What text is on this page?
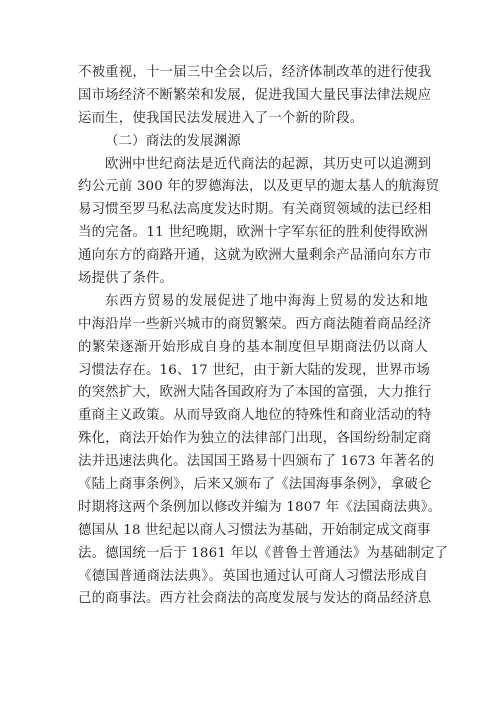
不被重视，十一届三中全会以后，经济体制改革的进行使我
国市场经济不断繁荣和发展，促进我国大量民事法律法规应
运而生，使我国民法发展进入了一个新的阶段。
（二）商法的发展渊源
欧洲中世纪商法是近代商法的起源，其历史可以追溯到
约公元前 300 年的罗德海法，以及更早的迦太基人的航海贸
易习惯至罗马私法高度发达时期。有关商贸领域的法已经相
当的完备。11 世纪晚期，欧洲十字军东征的胜利使得欧洲
通向东方的商路开通，这就为欧洲大量剩余产品涌向东方市
场提供了条件。
东西方贸易的发展促进了地中海海上贸易的发达和地
中海沿岸一些新兴城市的商贸繁荣。西方商法随着商品经济
的繁荣逐渐开始形成自身的基本制度但早期商法仍以商人
习惯法存在。16、17 世纪，由于新大陆的发现，世界市场
的突然扩大，欧洲大陆各国政府为了本国的富强，大力推行
重商主义政策。从而导致商人地位的特殊性和商业活动的特
殊化，商法开始作为独立的法律部门出现，各国纷纷制定商
法并迅速法典化。法国国王路易十四颁布了 1673 年著名的
《陆上商事条例》，后来又颁布了《法国海事条例》，拿破仑
时期将这两个条例加以修改并编为 1807 年《法国商法典》。
德国从 18 世纪起以商人习惯法为基础，开始制定成文商事
法。德国统一后于 1861 年以《普鲁士普通法》为基础制定了
《德国普通商法法典》。英国也通过认可商人习惯法形成自
己的商事法。西方社会商法的高度发展与发达的商品经济息
